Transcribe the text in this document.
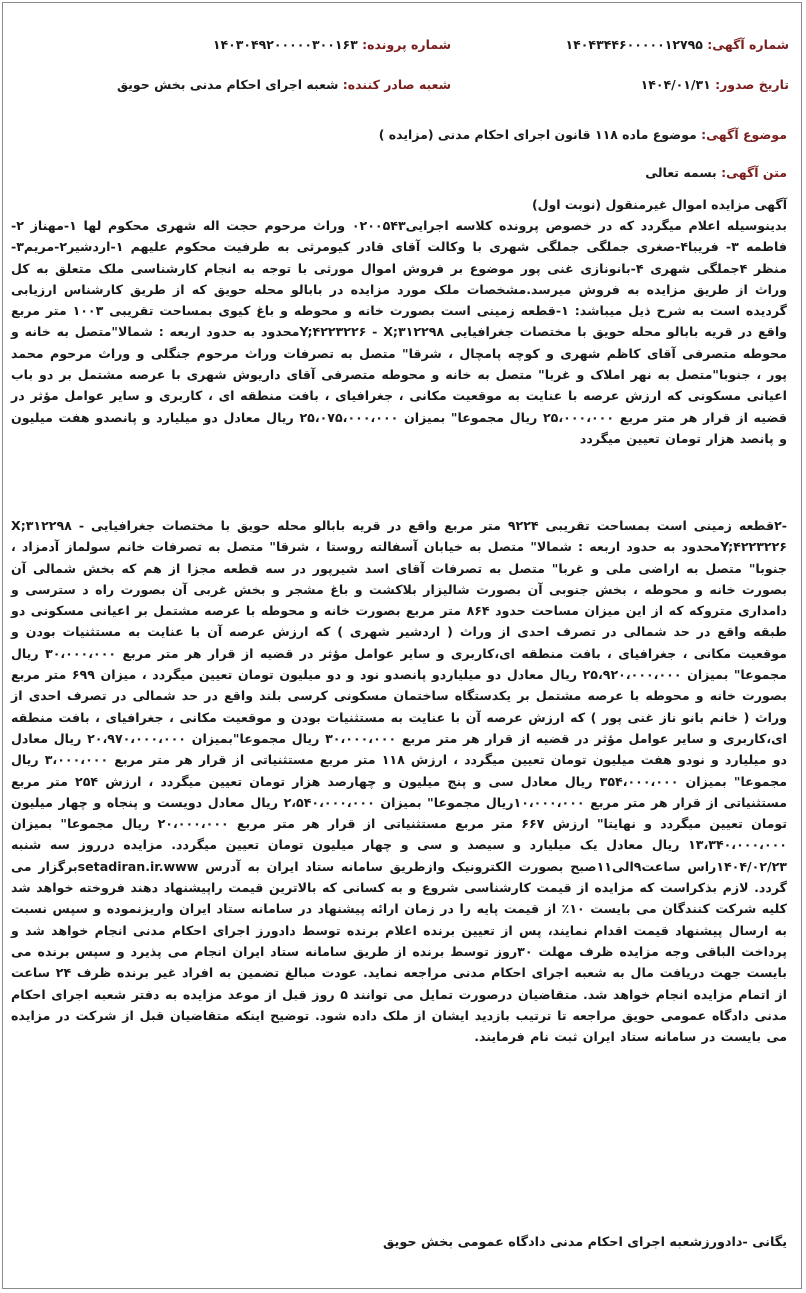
شماره آگهی: ۱۴۰۴۳۴۴۶۰۰۰۰۰۱۲۷۹۵
شماره پرونده: ۱۴۰۳۰۴۹۲۰۰۰۰۰۳۰۰۱۶۳
تاریخ صدور: ۱۴۰۴/۰۱/۳۱
شعبه صادر کننده: شعبه اجرای احکام مدنی بخش حویق
موضوع آگهی: موضوع ماده ۱۱۸ قانون اجرای احکام مدنی (مزایده )
متن آگهی: بسمه تعالی
آگهی مزایده اموال غیرمنقول (نوبت اول)
بدینوسیله اعلام میگردد که در خصوص پرونده کلاسه اجرایی۰۲۰۰۵۴۳ وراث مرحوم حجت اله شهری محکوم لها ۱-مهناز ۲-فاطمه ۳- فریبا۴-صغری جملگی جملگی شهری با وکالت آقای قادر کیومرثی به طرفیت محکوم علیهم ۱-اردشیر۲-مریم۳-منظر ۴جملگی شهری ۴-بانونازی غنی پور موضوع بر فروش اموال مورثی با توجه به انجام کارشناسی ملک متعلق به کل وراث از طریق مزایده به فروش میرسد.مشخصات ملک مورد مزایده در بابالو محله حویق که از طریق کارشناس ارزیابی گردیده است به شرح ذیل میباشد: ۱-قطعه زمینی است بصورت خانه و محوطه و باغ کیوی بمساحت تقریبی ۱۰۰۳ متر مربع واقع در قریه بابالو محله حویق با مختصات جغرافیایی Y;۴۲۲۳۲۲۶ - X;۳۱۲۲۹۸محدود به حدود اربعه : شمالا"متصل به خانه و محوطه متصرفی آقای کاظم شهری و کوچه پامچال ، شرقا" متصل به تصرفات وراث مرحوم جنگلی و وراث مرحوم محمد پور ، جنوبا"متصل به نهر املاک و غربا" متصل به خانه و محوطه متصرفی آقای داریوش شهری با عرصه مشتمل بر دو باب اعیانی مسکونی که ارزش عرصه با عنایت به موقعیت مکانی ، جغرافیای ، بافت منطقه ای ، کاربری و سایر عوامل مؤثر در قضیه از قرار هر متر مربع ۲۵،۰۰۰،۰۰۰ ریال مجموعا" بمیزان ۲۵،۰۷۵،۰۰۰،۰۰۰ ریال معادل دو میلیارد و پانصدو هفت میلیون و پانصد هزار تومان تعیین میگردد
-۲قطعه زمینی است بمساحت تقریبی ۹۲۲۴ متر مربع واقع در قریه بابالو محله حویق با مختصات جغرافیایی - X;۳۱۲۲۹۸ Y;۴۲۲۳۲۲۶محدود به حدود اربعه : شمالا" متصل به خیابان آسفالته روستا ، شرقا" متصل به تصرفات خانم سولماز آدمزاد ، جنوبا" متصل به اراضی ملی و غربا" متصل به تصرفات آقای اسد شیرپور در سه قطعه مجزا از هم که بخش شمالی آن بصورت خانه و محوطه ، بخش جنوبی آن بصورت شالیزار بلاکشت و باغ مشجر و بخش غربی آن بصورت راه د سترسی و دامداری متروکه که از این میزان مساحت حدود ۸۶۴ متر مربع بصورت خانه و محوطه با عرصه مشتمل بر اعیانی مسکونی دو طبقه واقع در حد شمالی در تصرف احدی از وراث ( اردشیر شهری ) که ارزش عرصه آن با عنایت به مستثنیات بودن و موقعیت مکانی ، جغرافیای ، بافت منطقه ای،کاربری و سایر عوامل مؤثر در قضیه از قرار هر متر مربع ۳۰،۰۰۰،۰۰۰ ریال مجموعا" بمیزان ۲۵،۹۲۰،۰۰۰،۰۰۰ ریال معادل دو میلیاردو پانصدو نود و دو میلیون تومان تعیین میگردد ، میزان ۶۹۹ متر مربع بصورت خانه و محوطه با عرصه مشتمل بر یکدستگاه ساختمان مسکونی کرسی بلند واقع در حد شمالی در تصرف احدی از وراث ( خانم بانو ناز غنی پور ) که ارزش عرصه آن با عنایت به مستثنیات بودن و موقعیت مکانی ، جغرافیای ، بافت منطقه ای،کاربری و سایر عوامل مؤثر در قضیه از قرار هر متر مربع ۳۰،۰۰۰،۰۰۰ ریال مجموعا"بمیزان ۲۰،۹۷۰،۰۰۰،۰۰۰ ریال معادل دو میلیارد و نودو هفت میلیون تومان تعیین میگردد ، ارزش ۱۱۸ متر مربع مستثنیاتی از قرار هر متر مربع ۳،۰۰۰،۰۰۰ ریال مجموعا" بمیزان ۳۵۴،۰۰۰،۰۰۰ ریال معادل سی و پنج میلیون و چهارصد هزار تومان تعیین میگردد ، ارزش ۲۵۴ متر مربع مستثنیاتی از قرار هر متر مربع ۱۰،۰۰۰،۰۰۰ریال مجموعا" بمیزان ۲،۵۴۰،۰۰۰،۰۰۰ ریال معادل دویست و پنجاه و چهار میلیون تومان تعیین میگردد و نهایتا" ارزش ۶۶۷ متر مربع مستثنیاتی از قرار هر متر مربع ۲۰،۰۰۰،۰۰۰ ریال مجموعا" بمیزان ۱۳،۳۴۰،۰۰۰،۰۰۰ ریال معادل یک میلیارد و سیصد و سی و چهار میلیون تومان تعیین میگردد. مزایده درروز سه شنبه ۱۴۰۴/۰۲/۲۳راس ساعت۹الی۱۱صبح بصورت الکترونیک وازطریق سامانه ستاد ایران به آدرس setadiran.ir.wwwبرگزار می گردد. لازم بذکراست که مزایده از قیمت کارشناسی شروع و به کسانی که بالاترین قیمت راپیشنهاد دهند فروخته خواهد شد کلیه شرکت کنندگان می بایست ۱۰٪ از قیمت پایه را در زمان ارائه پیشنهاد در سامانه ستاد ایران واریزنموده و سپس نسبت به ارسال پیشنهاد قیمت اقدام نمایند، پس از تعیین برنده اعلام برنده توسط دادورز اجرای احکام مدنی انجام خواهد شد و پرداخت الباقی وجه مزایده ظرف مهلت ۳۰روز توسط برنده از طریق سامانه ستاد ایران انجام می پذیرد و سپس برنده می بایست جهت دریافت مال به شعبه اجرای احکام مدنی مراجعه نماید. عودت مبالغ تضمین به افراد غیر برنده ظرف ۲۴ ساعت از اتمام مزایده انجام خواهد شد. متقاضیان درصورت تمایل می توانند ۵ روز قبل از موعد مزایده به دفتر شعبه اجرای احکام مدنی دادگاه عمومی حویق مراجعه تا ترتیب بازدید ایشان از ملک داده شود. توضیح اینکه متقاضیان قبل از شرکت در مزایده می بایست در سامانه ستاد ایران ثبت نام فرمایند.
یگانی -دادورزشعبه اجرای احکام مدنی دادگاه عمومی بخش حویق
